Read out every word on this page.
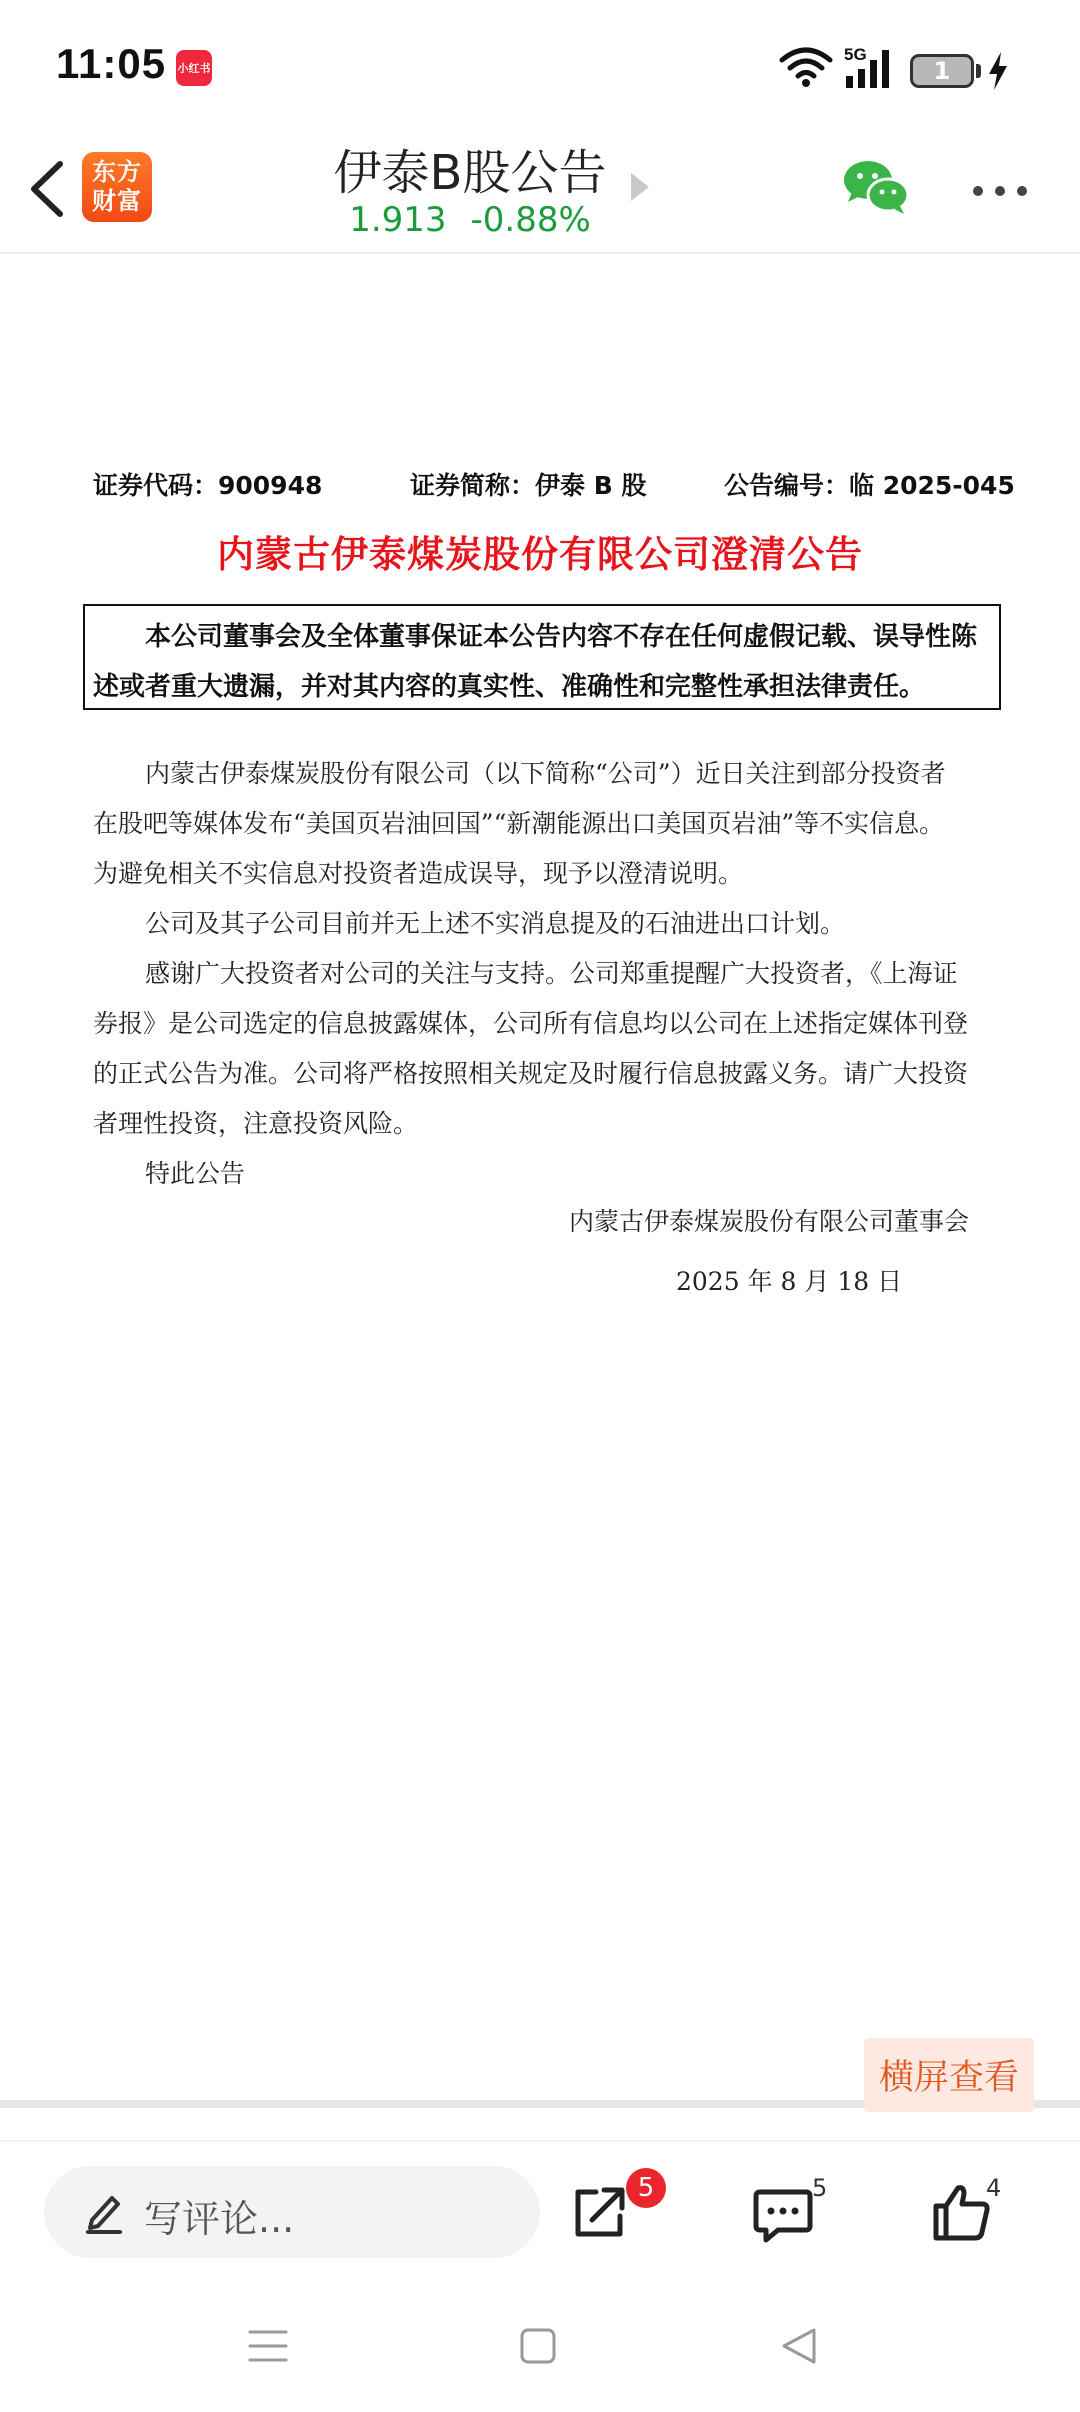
11:05 小红书
5G
1
东方
财富	伊泰B股公告
1.913 -0.88%
证券代码：900948	证券简称：伊泰 B 股	公告编号：临 2025-045
内蒙古伊泰煤炭股份有限公司澄清公告
本公司董事会及全体董事保证本公告内容不存在任何虚假记载、误导性陈
述或者重大遗漏，并对其内容的真实性、准确性和完整性承担法律责任。
内蒙古伊泰煤炭股份有限公司（以下简称“公司”）近日关注到部分投资者
在股吧等媒体发布“美国页岩油回国”“新潮能源出口美国页岩油”等不实信息。
为避免相关不实信息对投资者造成误导，现予以澄清说明。
公司及其子公司目前并无上述不实消息提及的石油进出口计划。
感谢广大投资者对公司的关注与支持。公司郑重提醒广大投资者，《上海证
券报》是公司选定的信息披露媒体，公司所有信息均以公司在上述指定媒体刊登
的正式公告为准。公司将严格按照相关规定及时履行信息披露义务。请广大投资
者理性投资，注意投资风险。
特此公告
内蒙古伊泰煤炭股份有限公司董事会
2025 年 8 月 18 日
横屏查看
写评论...
5	5	4
